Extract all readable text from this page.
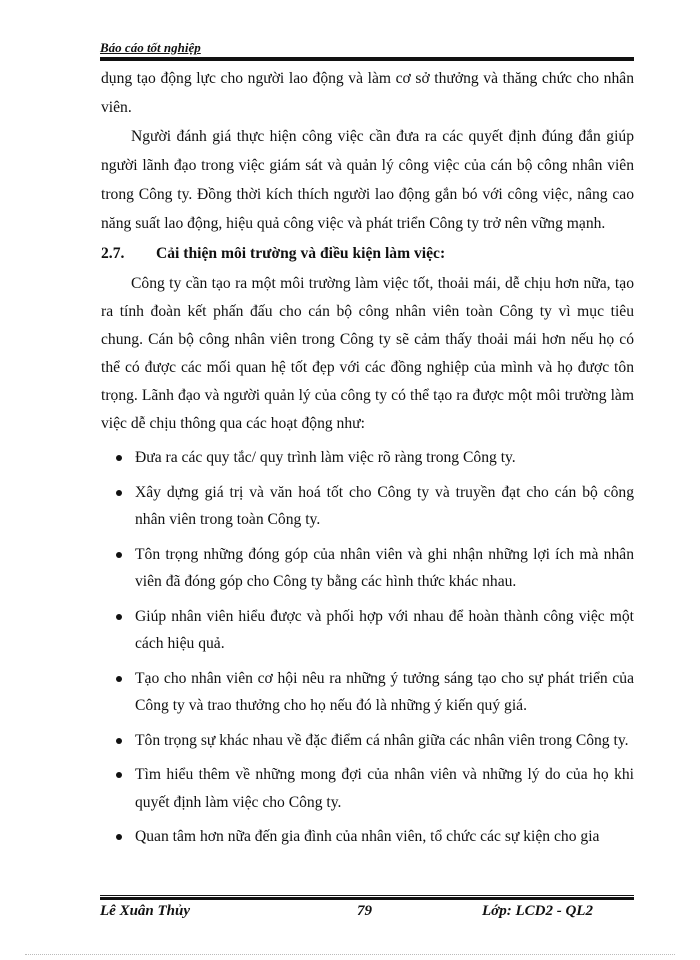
Báo cáo tốt nghiệp

dụng tạo động lực cho người lao động và làm cơ sở thưởng và thăng chức cho nhân viên.

Người đánh giá thực hiện công việc cần đưa ra các quyết định đúng đắn giúp người lãnh đạo trong việc giám sát và quản lý công việc của cán bộ công nhân viên trong Công ty. Đồng thời kích thích người lao động gắn bó với công việc, nâng cao năng suất lao động, hiệu quả công việc và phát triển Công ty trở nên vững mạnh.

2.7.	Cải thiện môi trường và điều kiện làm việc:

Công ty cần tạo ra một môi trường làm việc tốt, thoải mái, dễ chịu hơn nữa, tạo ra tính đoàn kết phấn đấu cho cán bộ công nhân viên toàn Công ty vì mục tiêu chung. Cán bộ công nhân viên trong Công ty sẽ cảm thấy thoải mái hơn nếu họ có thể có được các mối quan hệ tốt đẹp với các đồng nghiệp của mình và họ được tôn trọng. Lãnh đạo và người quản lý của công ty có thể tạo ra được một môi trường làm việc dễ chịu thông qua các hoạt động như:

Đưa ra các quy tắc/ quy trình làm việc rõ ràng trong Công ty.
Xây dựng giá trị và văn hoá tốt cho Công ty và truyền đạt cho cán bộ công nhân viên trong toàn Công ty.
Tôn trọng những đóng góp của nhân viên và ghi nhận những lợi ích mà nhân viên đã đóng góp cho Công ty bằng các hình thức khác nhau.
Giúp nhân viên hiểu được và phối hợp với nhau để hoàn thành công việc một cách hiệu quả.
Tạo cho nhân viên cơ hội nêu ra những ý tưởng sáng tạo cho sự phát triển của Công ty và trao thưởng cho họ nếu đó là những ý kiến quý giá.
Tôn trọng sự khác nhau về đặc điểm cá nhân giữa các nhân viên trong Công ty.
Tìm hiểu thêm về những mong đợi của nhân viên và những lý do của họ khi quyết định làm việc cho Công ty.
Quan tâm hơn nữa đến gia đình của nhân viên, tổ chức các sự kiện cho gia
Lê Xuân Thủy	79	Lớp: LCD2 - QL2
